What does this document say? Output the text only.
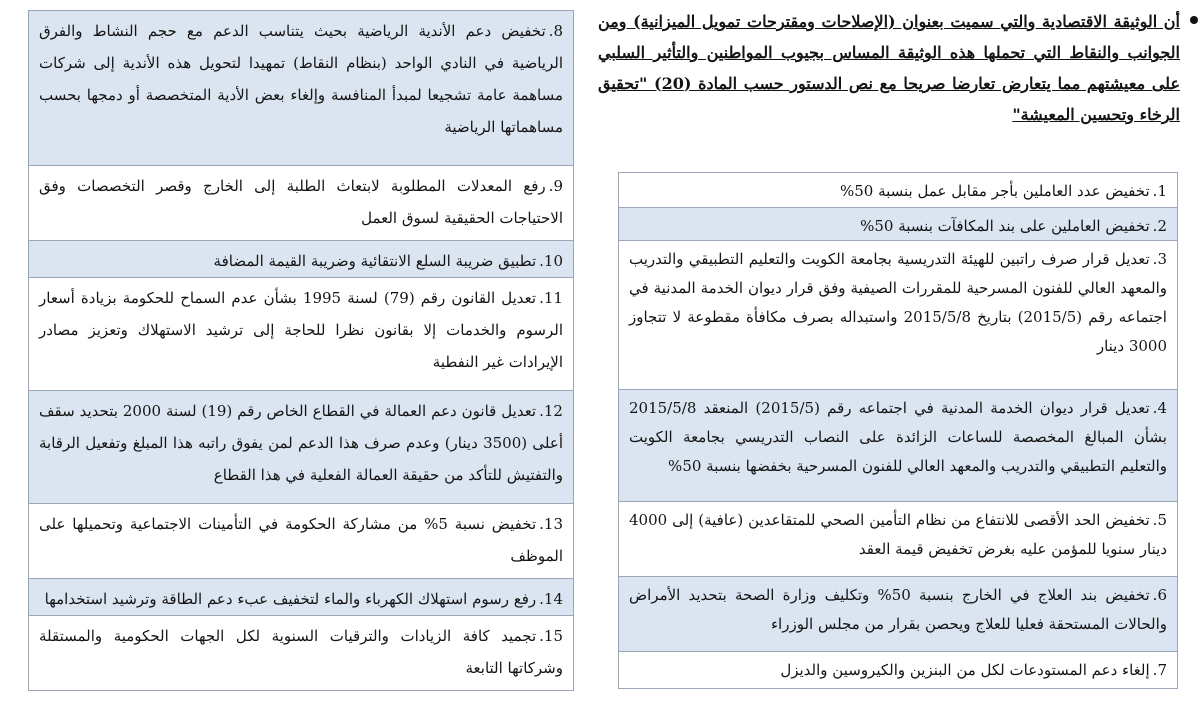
أن الوثيقة الاقتصادية والتي سميت بعنوان (الإصلاحات ومقترحات تمويل الميزانية) ومن الجوانب والنقاط التي تحملها هذه الوثيقة المساس بجيوب المواطنين والتأثير السلبي على معيشتهم مما يتعارض تعارضا صريحا مع نص الدستور حسب المادة (20) "تحقيق الرخاء وتحسين المعيشة"
1.تخفيض عدد العاملين بأجر مقابل عمل بنسبة 50%
2.تخفيض العاملين على بند المكافآت بنسبة 50%
3.تعديل قرار صرف راتبين للهيئة التدريسية بجامعة الكويت والتعليم التطبيقي والتدريب والمعهد العالي للفنون المسرحية للمقررات الصيفية وفق قرار ديوان الخدمة المدنية في اجتماعه رقم (2015/5) بتاريخ 2015/5/8 واستبداله بصرف مكافأة مقطوعة لا تتجاوز 3000 دينار
4.تعديل قرار ديوان الخدمة المدنية في اجتماعه رقم (2015/5) المنعقد 2015/5/8 بشأن المبالغ المخصصة للساعات الزائدة على النصاب التدريسي بجامعة الكويت والتعليم التطبيقي والتدريب والمعهد العالي للفنون المسرحية بخفضها بنسبة 50%
5.تخفيض الحد الأقصى للانتفاع من نظام التأمين الصحي للمتقاعدين (عافية) إلى 4000 دينار سنويا للمؤمن عليه بغرض تخفيض قيمة العقد
6.تخفيض بند العلاج في الخارج بنسبة 50% وتكليف وزارة الصحة بتحديد الأمراض والحالات المستحقة فعليا للعلاج ويحصن بقرار من مجلس الوزراء
7.إلغاء دعم المستودعات لكل من البنزين والكيروسين والديزل
8.تخفيض دعم الأندية الرياضية بحيث يتناسب الدعم مع حجم النشاط والفرق الرياضية في النادي الواحد (بنظام النقاط) تمهيدا لتحويل هذه الأندية إلى شركات مساهمة عامة تشجيعا لمبدأ المنافسة وإلغاء بعض الأدية المتخصصة أو دمجها بحسب مساهماتها الرياضية
9.رفع المعدلات المطلوبة لابتعاث الطلبة إلى الخارج وقصر التخصصات وفق الاحتياجات الحقيقية لسوق العمل
10.تطبيق ضريبة السلع الانتقائية وضريبة القيمة المضافة
11.تعديل القانون رقم (79) لسنة 1995 بشأن عدم السماح للحكومة بزيادة أسعار الرسوم والخدمات إلا بقانون نظرا للحاجة إلى ترشيد الاستهلاك وتعزيز مصادر الإيرادات غير النفطية
12.تعديل قانون دعم العمالة في القطاع الخاص رقم (19) لسنة 2000 بتحديد سقف أعلى (3500 دينار) وعدم صرف هذا الدعم لمن يفوق راتبه هذا المبلغ وتفعيل الرقابة والتفتيش للتأكد من حقيقة العمالة الفعلية في هذا القطاع
13.تخفيض نسبة 5% من مشاركة الحكومة في التأمينات الاجتماعية وتحميلها على الموظف
14.رفع رسوم استهلاك الكهرباء والماء لتخفيف عبء دعم الطاقة وترشيد استخدامها
15.تجميد كافة الزيادات والترقيات السنوية لكل الجهات الحكومية والمستقلة وشركاتها التابعة
